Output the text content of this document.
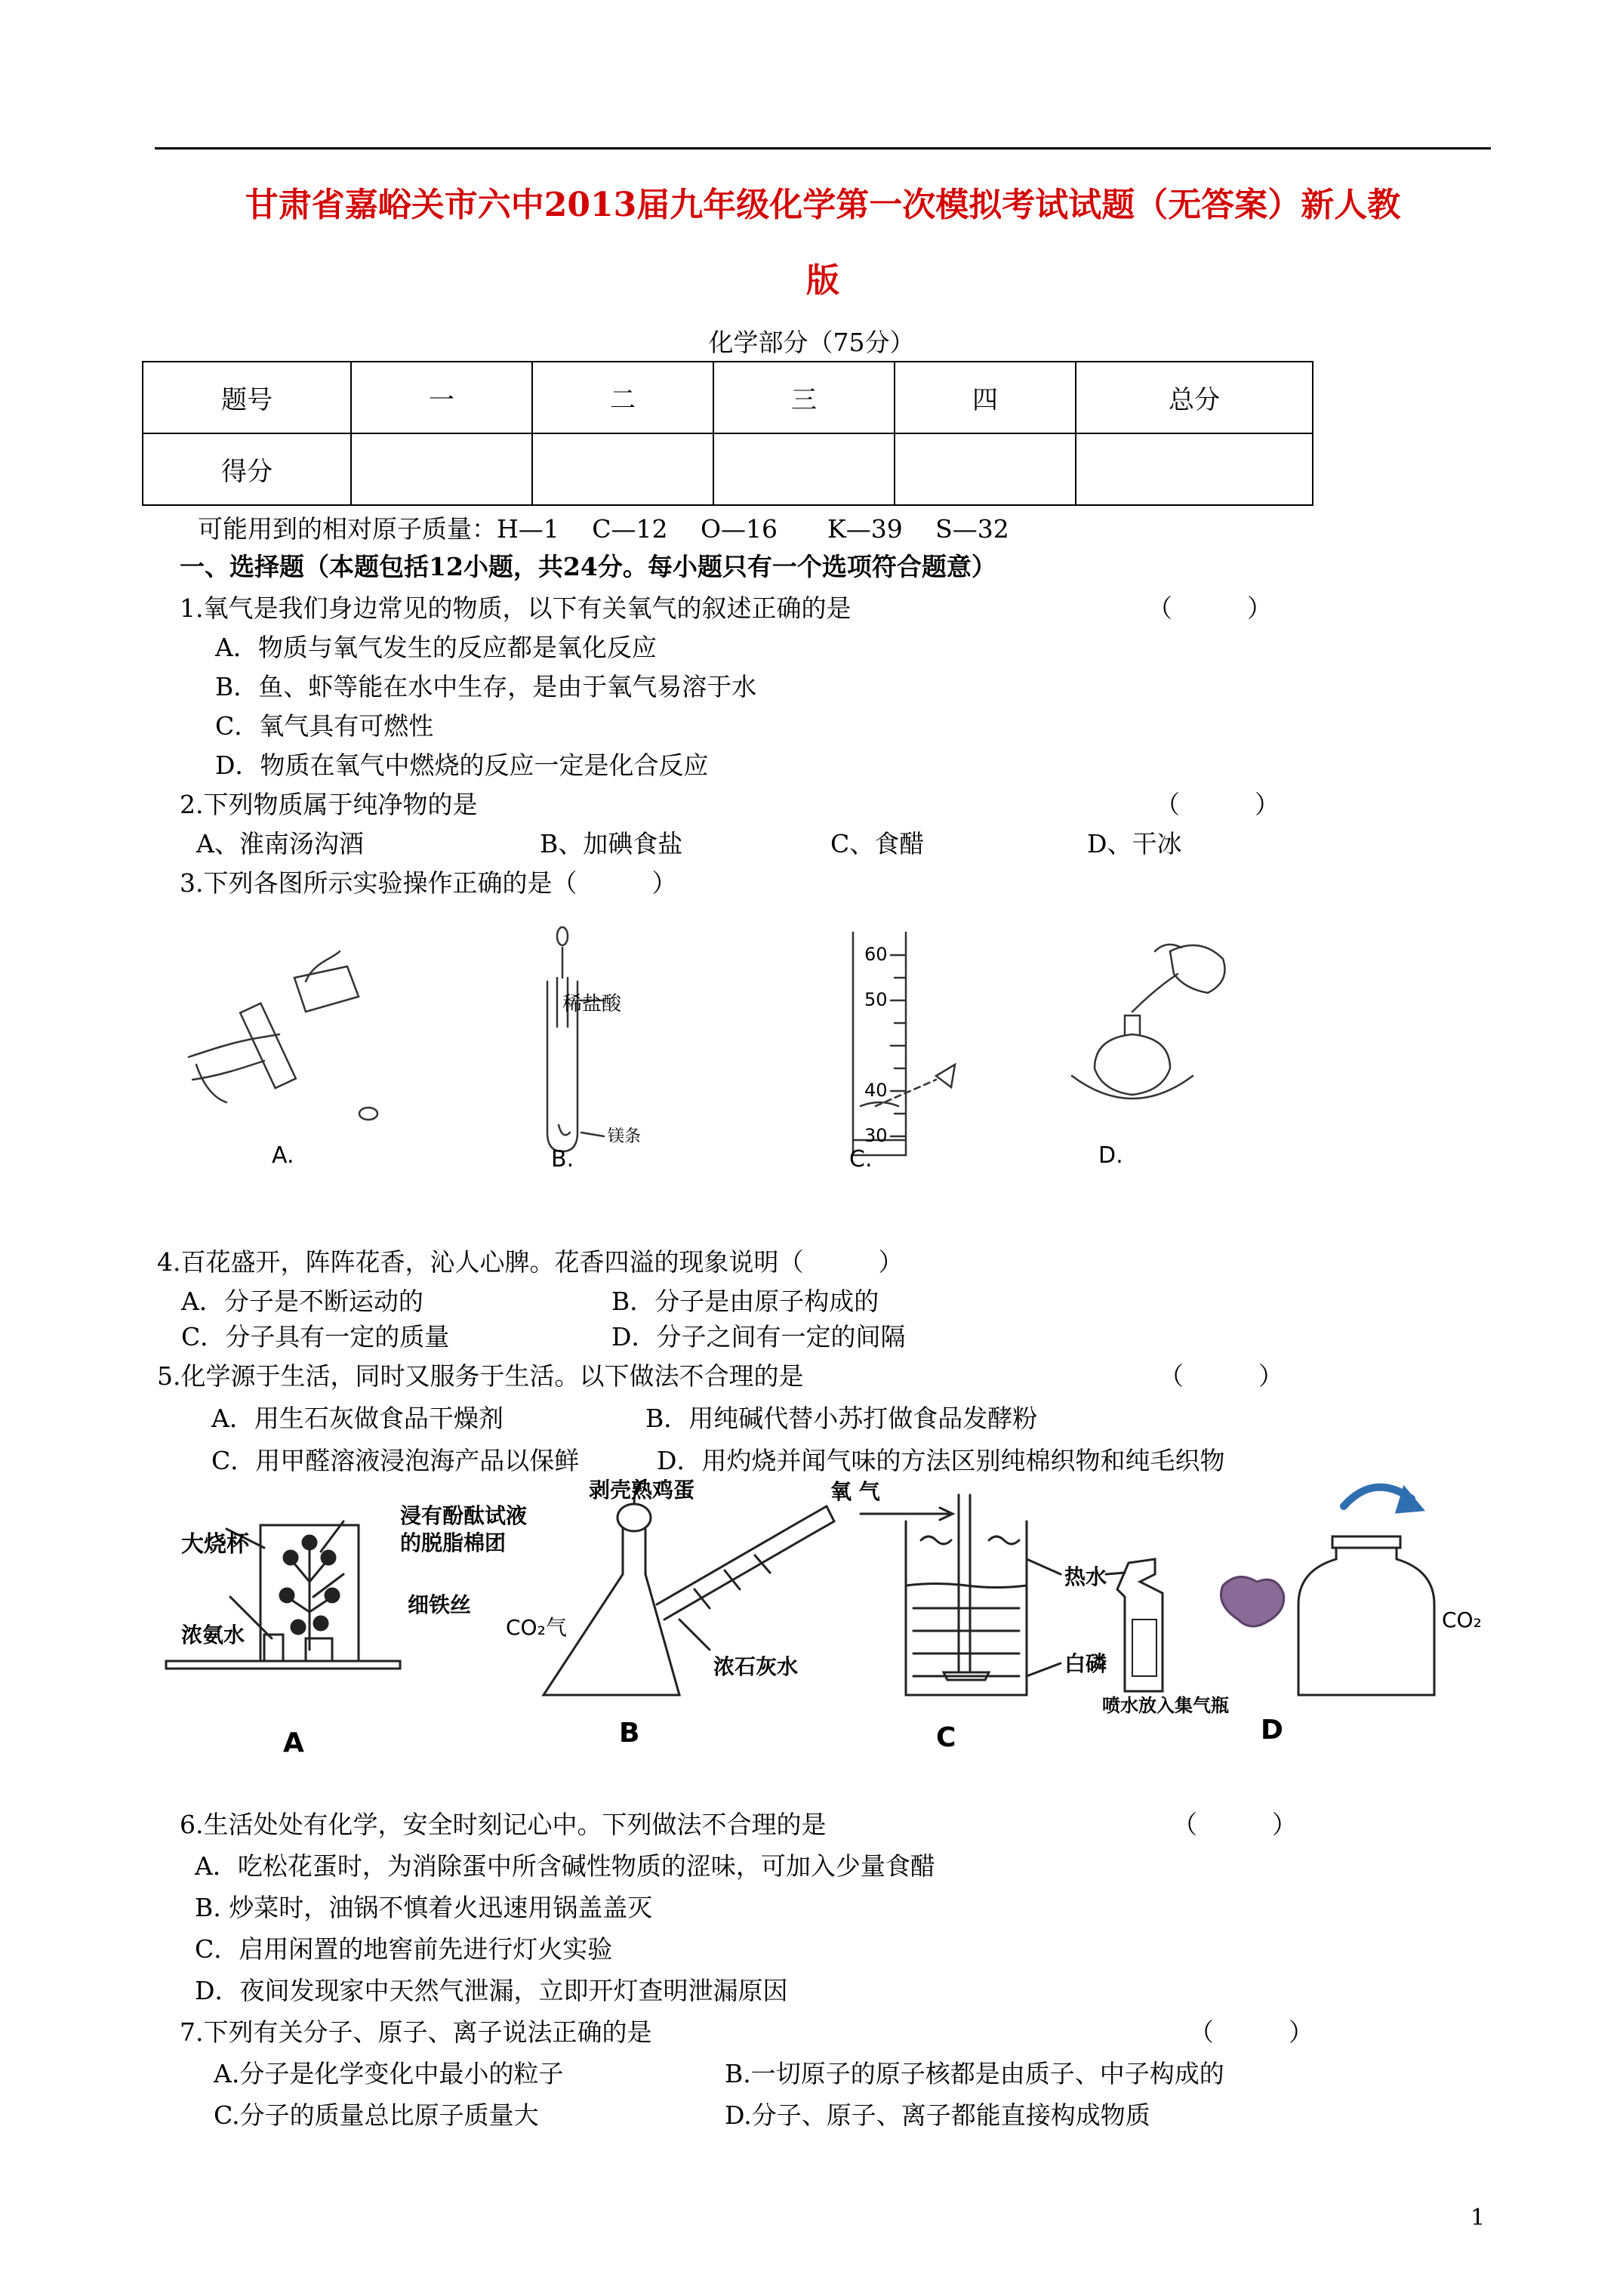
甘肃省嘉峪关市六中2013届九年级化学第一次模拟考试试题（无答案）新人教
版
化学部分（75分）
题号	一	二	三	四	总分
得分					
可能用到的相对原子质量：H—1　 C—12　 O—16　　K—39　 S—32
一、选择题（本题包括12小题，共24分。每小题只有一个选项符合题意）
1.氧气是我们身边常见的物质，以下有关氧气的叙述正确的是	（　　　）
A．物质与氧气发生的反应都是氧化反应
B．鱼、虾等能在水中生存，是由于氧气易溶于水
C．氧气具有可燃性
D．物质在氧气中燃烧的反应一定是化合反应
2.下列物质属于纯净物的是	（　　　）
A、淮南汤沟酒	B、加碘食盐	C、食醋	D、干冰
3.下列各图所示实验操作正确的是（　　　）
稀盐酸
镁条
60
50
40
30
A.	B.	C.	D.
4.百花盛开，阵阵花香，沁人心脾。花香四溢的现象说明（　　　）
A．分子是不断运动的	B．分子是由原子构成的
C．分子具有一定的质量	D．分子之间有一定的间隔
5.化学源于生活，同时又服务于生活。以下做法不合理的是	（　　　）
A．用生石灰做食品干燥剂	B．用纯碱代替小苏打做食品发酵粉
C．用甲醛溶液浸泡海产品以保鲜	D．用灼烧并闻气味的方法区别纯棉织物和纯毛织物
大烧杯
浸有酚酞试液
的脱脂棉团
细铁丝
浓氨水
剥壳熟鸡蛋
CO₂气
浓石灰水
氧 气
热水
白磷
CO₂
喷水放入集气瓶
A	B	C	D
6.生活处处有化学，安全时刻记心中。下列做法不合理的是	（　　　）
A．吃松花蛋时，为消除蛋中所含碱性物质的涩味，可加入少量食醋
B. 炒菜时，油锅不慎着火迅速用锅盖盖灭
C．启用闲置的地窖前先进行灯火实验
D．夜间发现家中天然气泄漏，立即开灯查明泄漏原因
7.下列有关分子、原子、离子说法正确的是	（　　　）
A.分子是化学变化中最小的粒子	B.一切原子的原子核都是由质子、中子构成的
C.分子的质量总比原子质量大	D.分子、原子、离子都能直接构成物质
1
